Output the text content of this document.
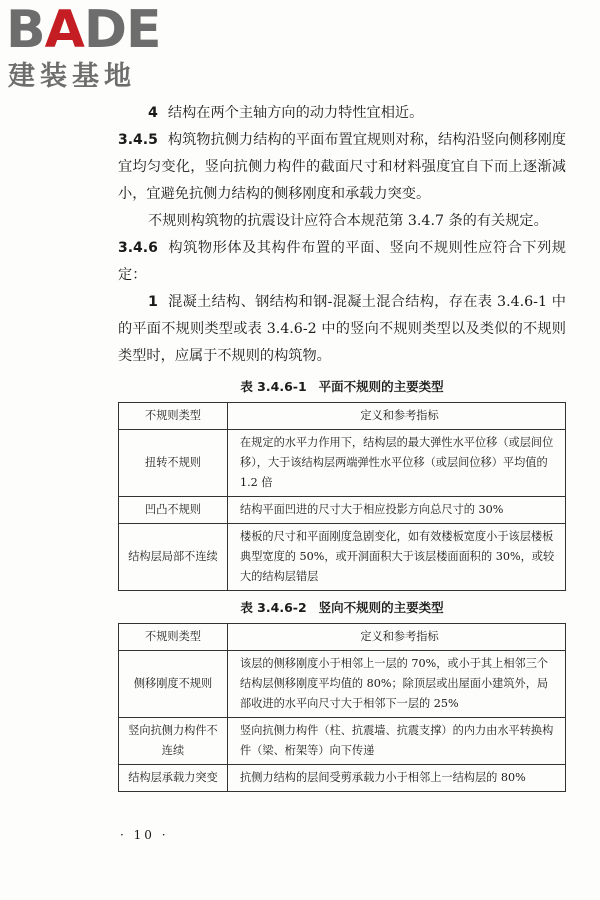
BADE
建装基地

4 结构在两个主轴方向的动力特性宜相近。

3.4.5 构筑物抗侧力结构的平面布置宜规则对称，结构沿竖向侧移刚度宜均匀变化，竖向抗侧力构件的截面尺寸和材料强度宜自下而上逐渐减小，宜避免抗侧力结构的侧移刚度和承载力突变。

不规则构筑物的抗震设计应符合本规范第 3.4.7 条的有关规定。

3.4.6 构筑物形体及其构件布置的平面、竖向不规则性应符合下列规定：

1 混凝土结构、钢结构和钢-混凝土混合结构，存在表 3.4.6-1 中的平面不规则类型或表 3.4.6-2 中的竖向不规则类型以及类似的不规则类型时，应属于不规则的构筑物。

表 3.4.6-1 平面不规则的主要类型
不规则类型	定义和参考指标
扭转不规则	在规定的水平力作用下，结构层的最大弹性水平位移（或层间位移），大于该结构层两端弹性水平位移（或层间位移）平均值的 1.2 倍
凹凸不规则	结构平面凹进的尺寸大于相应投影方向总尺寸的 30%
结构层局部不连续	楼板的尺寸和平面刚度急剧变化，如有效楼板宽度小于该层楼板典型宽度的 50%，或开洞面积大于该层楼面面积的 30%，或较大的结构层错层
表 3.4.6-2 竖向不规则的主要类型
不规则类型	定义和参考指标
侧移刚度不规则	该层的侧移刚度小于相邻上一层的 70%，或小于其上相邻三个结构层侧移刚度平均值的 80%；除顶层或出屋面小建筑外，局部收进的水平向尺寸大于相邻下一层的 25%
竖向抗侧力构件不连续	竖向抗侧力构件（柱、抗震墙、抗震支撑）的内力由水平转换构件（梁、桁架等）向下传递
结构层承载力突变	抗侧力结构的层间受剪承载力小于相邻上一结构层的 80%
· 10 ·
